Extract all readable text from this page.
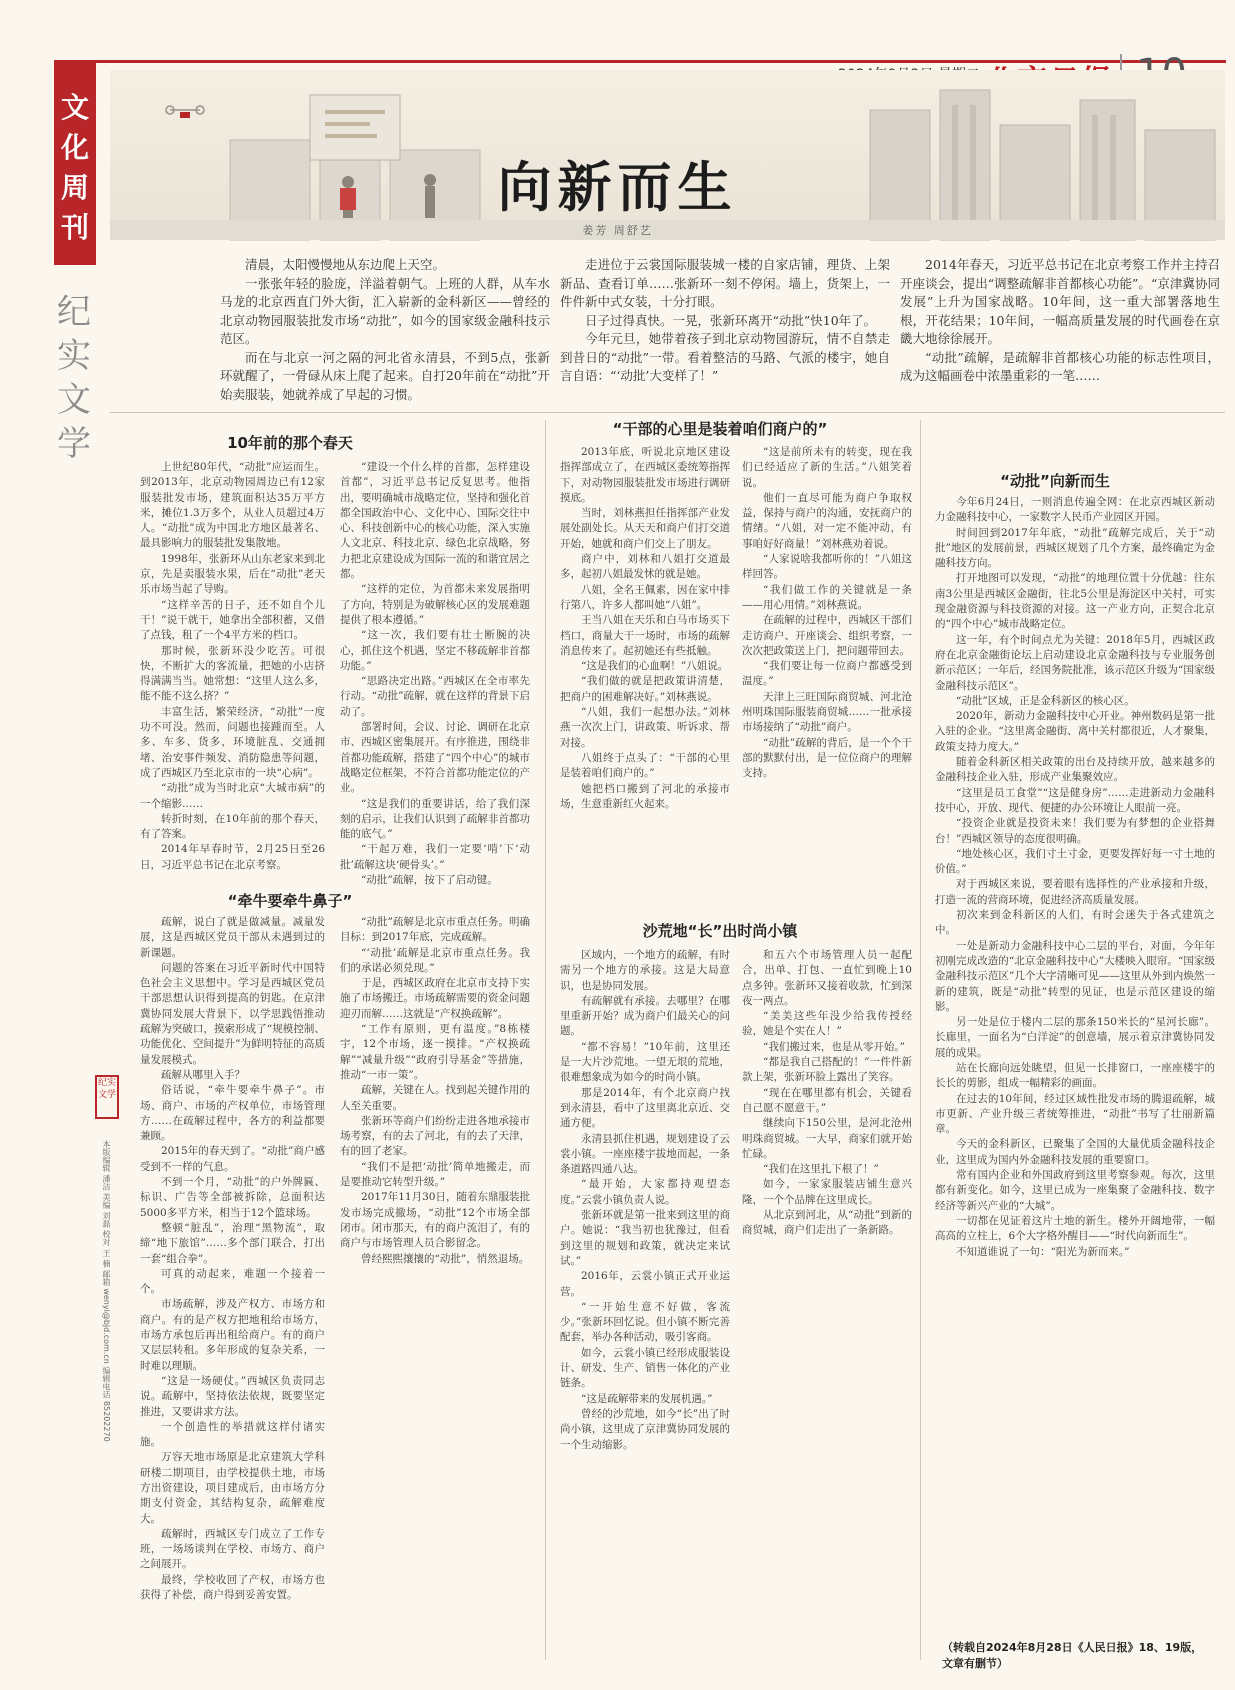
文化周刊
纪实文学
向新而生
姜芳 周舒艺
清晨，太阳慢慢地从东边爬上天空。
一张张年轻的脸庞，洋溢着朝气。上班的人群，从车水马龙的北京西直门外大街，汇入崭新的金科新区——曾经的北京动物园服装批发市场“动批”，如今的国家级金融科技示范区。
而在与北京一河之隔的河北省永清县，不到5点，张新环就醒了，一骨碌从床上爬了起来。自打20年前在“动批”开始卖服装，她就养成了早起的习惯。
走进位于云裳国际服装城一楼的自家店铺，理货、上架新品、查看订单……张新环一刻不停闲。墙上，货架上，一件件新中式女装，十分打眼。
日子过得真快。一晃，张新环离开“动批”快10年了。
今年元旦，她带着孩子到北京动物园游玩，情不自禁走到昔日的“动批”一带。看着整洁的马路、气派的楼宇，她自言自语：“‘动批’大变样了！”
2014年春天，习近平总书记在北京考察工作并主持召开座谈会，提出“调整疏解非首都核心功能”。“京津冀协同发展”上升为国家战略。10年间，这一重大部署落地生根，开花结果；10年间，一幅高质量发展的时代画卷在京畿大地徐徐展开。
“动批”疏解，是疏解非首都核心功能的标志性项目，成为这幅画卷中浓墨重彩的一笔……
10年前的那个春天
“牵牛要牵牛鼻子”
“干部的心里是装着咱们商户的”
沙荒地“长”出时尚小镇
“动批”向新而生
纪实文学
本版编辑 潘洁 美编 刘磊 校对 王 楠 邮箱 wenyi@bjd.com.cn 编辑电话 85202270

上世纪80年代，“动批”应运而生。到2013年，北京动物园周边已有12家服装批发市场，建筑面积达35万平方米，摊位1.3万多个，从业人员超过4万人。“动批”成为中国北方地区最著名、最具影响力的服装批发集散地。

1998年，张新环从山东老家来到北京，先是卖服装水果，后在“动批”老天乐市场当起了导购。

“这样辛苦的日子，还不如自个儿干！”说干就干，她拿出全部积蓄，又借了点钱，租了一个4平方米的档口。

那时候，张新环没少吃苦。可很快，不断扩大的客流量，把她的小店挤得满满当当。她常想：“这里人这么多，能不能不这么挤？”

丰富生活，繁荣经济，“动批”一度功不可没。然而，问题也接踵而至。人多、车多、货多，环境脏乱、交通拥堵、治安事件频发、消防隐患等问题，成了西城区乃至北京市的一块“心病”。

“动批”成为当时北京“大城市病”的一个缩影……

转折时刻，在10年前的那个春天，有了答案。

2014年早春时节，2月25日至26日，习近平总书记在北京考察。

“建设一个什么样的首都，怎样建设首都”，习近平总书记反复思考。他指出，要明确城市战略定位，坚持和强化首都全国政治中心、文化中心、国际交往中心、科技创新中心的核心功能，深入实施人文北京、科技北京、绿色北京战略，努力把北京建设成为国际一流的和谐宜居之都。

“这样的定位，为首都未来发展指明了方向，特别是为破解核心区的发展难题提供了根本遵循。”

“这一次，我们要有壮士断腕的决心，抓住这个机遇，坚定不移疏解非首都功能。”

“思路决定出路。”西城区在全市率先行动。“动批”疏解，就在这样的背景下启动了。

部署时间，会议、讨论、调研在北京市、西城区密集展开。有序推进，围绕非首都功能疏解，搭建了“四个中心”的城市战略定位框架，不符合首都功能定位的产业。

“这是我们的重要讲话，给了我们深刻的启示，让我们认识到了疏解非首都功能的底气。”

“干起万难，我们一定要‘啃’下‘动批’疏解这块‘硬骨头’。”

“动批”疏解，按下了启动键。

疏解，说白了就是做减量。减量发展，这是西城区党员干部从未遇到过的新课题。

问题的答案在习近平新时代中国特色社会主义思想中。学习是西城区党员干部思想认识得到提高的钥匙。在京津冀协同发展大背景下，以学思践悟推动疏解为突破口，摸索形成了“规模控制、功能优化、空间提升”为鲜明特征的高质量发展模式。

疏解从哪里入手？

俗话说，“牵牛要牵牛鼻子”。市场、商户、市场的产权单位，市场管理方……在疏解过程中，各方的利益都要兼顾。

2015年的春天到了。“动批”商户感受到不一样的气息。

不到一个月，“动批”的户外牌匾、标识、广告等全部被拆除，总面积达5000多平方米，相当于12个篮球场。

整顿“脏乱”，治理“黑物流”，取缔“地下旅馆”……多个部门联合，打出一套“组合拳”。

可真的动起来，难题一个接着一个。

市场疏解，涉及产权方、市场方和商户。有的是产权方把地租给市场方，市场方承包后再出租给商户。有的商户又层层转租。多年形成的复杂关系，一时难以理顺。

“这是一场硬仗。”西城区负责同志说。疏解中，坚持依法依规，既要坚定推进，又要讲求方法。

一个创造性的举措就这样付诸实施。

万容天地市场原是北京建筑大学科研楼二期项目，由学校提供土地，市场方出资建设，项目建成后，由市场方分期支付资金，其结构复杂，疏解难度大。

疏解时，西城区专门成立了工作专班，一场场谈判在学校、市场方、商户之间展开。

最终，学校收回了产权，市场方也获得了补偿，商户得到妥善安置。

“动批”疏解是北京市重点任务。明确目标：到2017年底，完成疏解。

“‘动批’疏解是北京市重点任务。我们的承诺必须兑现。”

于是，西城区政府在北京市支持下实施了市场搬迁。市场疏解需要的资金问题迎刃而解……这就是“产权换疏解”。

“工作有原则，更有温度。”8栋楼宇，12个市场，逐一摸排。“产权换疏解”“减量升级”“政府引导基金”等措施，推动“一市一策”。

疏解，关键在人。找到起关键作用的人至关重要。

张新环等商户们纷纷走进各地承接市场考察，有的去了河北，有的去了天津，有的回了老家。

“我们不是把‘动批’简单地搬走，而是要推动它转型升级。”

2017年11月30日，随着东鼎服装批发市场完成撤场，“动批”12个市场全部闭市。闭市那天，有的商户流泪了，有的商户与市场管理人员合影留念。

曾经熙熙攘攘的“动批”，悄然退场。

2013年底，听说北京地区建设指挥部成立了，在西城区委统筹指挥下，对动物园服装批发市场进行调研摸底。

当时，刘林燕担任指挥部产业发展处副处长。从天天和商户们打交道开始，她就和商户们交上了朋友。

商户中，刘林和八姐打交道最多，起初八姐最发怵的就是她。

八姐，全名王佩素，因在家中排行第八，许多人都叫她“八姐”。

王当八姐在天乐和白马市场买下档口，商量大干一场时，市场的疏解消息传来了。起初她还有些抵触。

“这是我们的心血啊！”八姐说。

“我们做的就是把政策讲清楚，把商户的困难解决好。”刘林燕说。

“八姐，我们一起想办法。”刘林燕一次次上门，讲政策、听诉求、帮对接。

八姐终于点头了：“干部的心里是装着咱们商户的。”

她把档口搬到了河北的承接市场，生意重新红火起来。

“这是前所未有的转变，现在我们已经适应了新的生活。”八姐笑着说。

他们一直尽可能为商户争取权益，保持与商户的沟通，安抚商户的情绪。“八姐，对一定不能冲动，有事咱好好商量！”刘林燕劝着说。

“人家说啥我都听你的！”八姐这样回答。

“我们做工作的关键就是一条——用心用情。”刘林燕说。

在疏解的过程中，西城区干部们走访商户、开座谈会、组织考察，一次次把政策送上门，把问题带回去。

“我们要让每一位商户都感受到温度。”

天津上三旺国际商贸城、河北沧州明珠国际服装商贸城……一批承接市场接纳了“动批”商户。

“动批”疏解的背后，是一个个干部的默默付出，是一位位商户的理解支持。

区域内，一个地方的疏解，有时需另一个地方的承接。这是大局意识，也是协同发展。

有疏解就有承接。去哪里？在哪里重新开始？成为商户们最关心的问题。

“都不容易！”10年前，这里还是一大片沙荒地。一望无垠的荒地，很难想象成为如今的时尚小镇。

那是2014年，有个北京商户找到永清县，看中了这里离北京近、交通方便。

永清县抓住机遇，规划建设了云裳小镇。一座座楼宇拔地而起，一条条道路四通八达。

“最开始，大家都持观望态度。”云裳小镇负责人说。

张新环就是第一批来到这里的商户。她说：“我当初也犹豫过，但看到这里的规划和政策，就决定来试试。”

2016年，云裳小镇正式开业运营。

“一开始生意不好做，客流少。”张新环回忆说。但小镇不断完善配套，举办各种活动，吸引客商。

如今，云裳小镇已经形成服装设计、研发、生产、销售一体化的产业链条。

“这是疏解带来的发展机遇。”

曾经的沙荒地，如今“长”出了时尚小镇，这里成了京津冀协同发展的一个生动缩影。

和五六个市场管理人员一起配合，出单、打包、一直忙到晚上10点多钟。张新环又接着收款，忙到深夜一两点。

“美美这些年没少给我传授经验，她是个实在人！”

“我们搬过来，也是从零开始。”

“都是我自己搭配的！”一件件新款上架，张新环脸上露出了笑容。

“现在在哪里都有机会，关键看自己愿不愿意干。”

继续向下150公里，是河北沧州明珠商贸城。一大早，商家们就开始忙碌。

“我们在这里扎下根了！”

如今，一家家服装店铺生意兴隆，一个个品牌在这里成长。

从北京到河北，从“动批”到新的商贸城，商户们走出了一条新路。

今年6月24日，一则消息传遍全网：在北京西城区新动力金融科技中心，一家数字人民币产业园区开园。

时间回到2017年年底，“动批”疏解完成后，关于“动批”地区的发展前景，西城区规划了几个方案，最终确定为金融科技方向。

打开地图可以发现，“动批”的地理位置十分优越：往东南3公里是西城区金融街，往北5公里是海淀区中关村，可实现金融资源与科技资源的对接。这一产业方向，正契合北京的“四个中心”城市战略定位。

这一年，有个时间点尤为关键：2018年5月，西城区政府在北京金融街论坛上启动建设北京金融科技与专业服务创新示范区；一年后，经国务院批准，该示范区升级为“国家级金融科技示范区”。

“动批”区域，正是金科新区的核心区。

2020年，新动力金融科技中心开业。神州数码是第一批入驻的企业。“这里离金融街、离中关村都很近，人才聚集，政策支持力度大。”

随着金科新区相关政策的出台及持续开放，越来越多的金融科技企业入驻，形成产业集聚效应。

“这里是员工食堂”“这是健身房”……走进新动力金融科技中心，开放、现代、便捷的办公环境让人眼前一亮。

“投资企业就是投资未来！我们要为有梦想的企业搭舞台！”西城区领导的态度很明确。

“地处核心区，我们寸土寸金，更要发挥好每一寸土地的价值。”

对于西城区来说，要着眼有选择性的产业承接和升级，打造一流的营商环境，促进经济高质量发展。

初次来到金科新区的人们，有时会迷失于各式建筑之中。

一处是新动力金融科技中心二层的平台，对面，今年年初刚完成改造的“北京金融科技中心”大楼映入眼帘。“国家级金融科技示范区”几个大字清晰可见——这里从外到内焕然一新的建筑，既是“动批”转型的见证，也是示范区建设的缩影。

另一处是位于楼内二层的那条150米长的“星河长廊”。长廊里，一面名为“白洋淀”的创意墙，展示着京津冀协同发展的成果。

站在长廊向远处眺望，但见一长排窗口，一座座楼宇的长长的剪影，组成一幅精彩的画面。

在过去的10年间，经过区域性批发市场的腾退疏解，城市更新、产业升级三者统筹推进，“动批”书写了壮丽新篇章。

今天的金科新区，已聚集了全国的大量优质金融科技企业，这里成为国内外金融科技发展的重要窗口。

常有国内企业和外国政府到这里考察参观。每次，这里都有新变化。如今，这里已成为一座集聚了金融科技、数字经济等新兴产业的“大城”。

一切都在见证着这片土地的新生。楼外开阔地带，一幅高高的立柱上，6个大字格外醒目——“时代向新而生”。

不知道谁说了一句：“阳光为新而来。”

（转载自2024年8月28日《人民日报》18、19版，文章有删节）
